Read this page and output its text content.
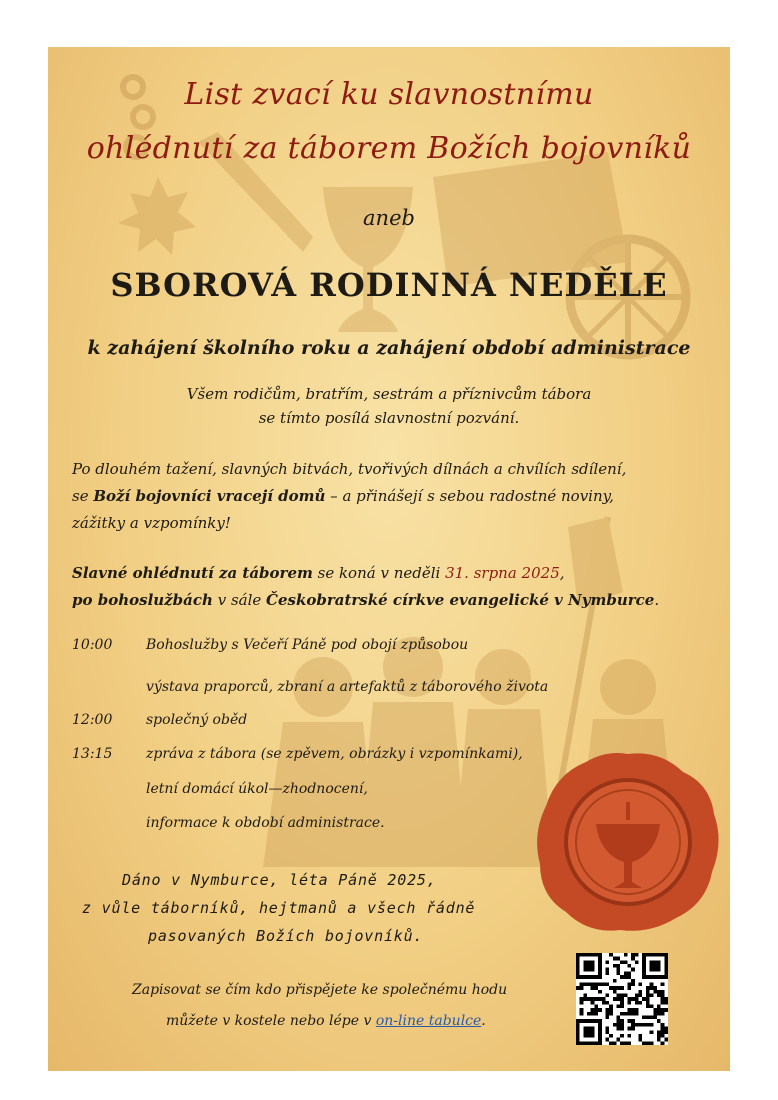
List zvací ku slavnostnímu

ohlédnutí za táborem Božích bojovníků

aneb

SBOROVÁ RODINNÁ NEDĚLE

k zahájení školního roku a zahájení období administrace

Všem rodičům, bratřím, sestrám a příznivcům tábora

se tímto posílá slavnostní pozvání.

Po dlouhém tažení, slavných bitvách, tvořivých dílnách a chvílích sdílení,

se Boží bojovníci vracejí domů – a přinášejí s sebou radostné noviny,

zážitky a vzpomínky!

Slavné ohlédnutí za táborem se koná v neděli 31. srpna 2025,

po bohoslužbách v sále Českobratrské církve evangelické v Nymburce.

10:00 Bohoslužby s Večeří Páně pod obojí způsobou

výstava praporců, zbraní a artefaktů z táborového života

12:00 společný oběd

13:15 zpráva z tábora (se zpěvem, obrázky i vzpomínkami),

letní domácí úkol—zhodnocení,

informace k období administrace.

Dáno v Nymburce, léta Páně 2025,

z vůle táborníků, hejtmanů a všech řádně

pasovaných Božích bojovníků.

Zapisovat se čím kdo přispějete ke společnému hodu

můžete v kostele nebo lépe v on-line tabulce.
